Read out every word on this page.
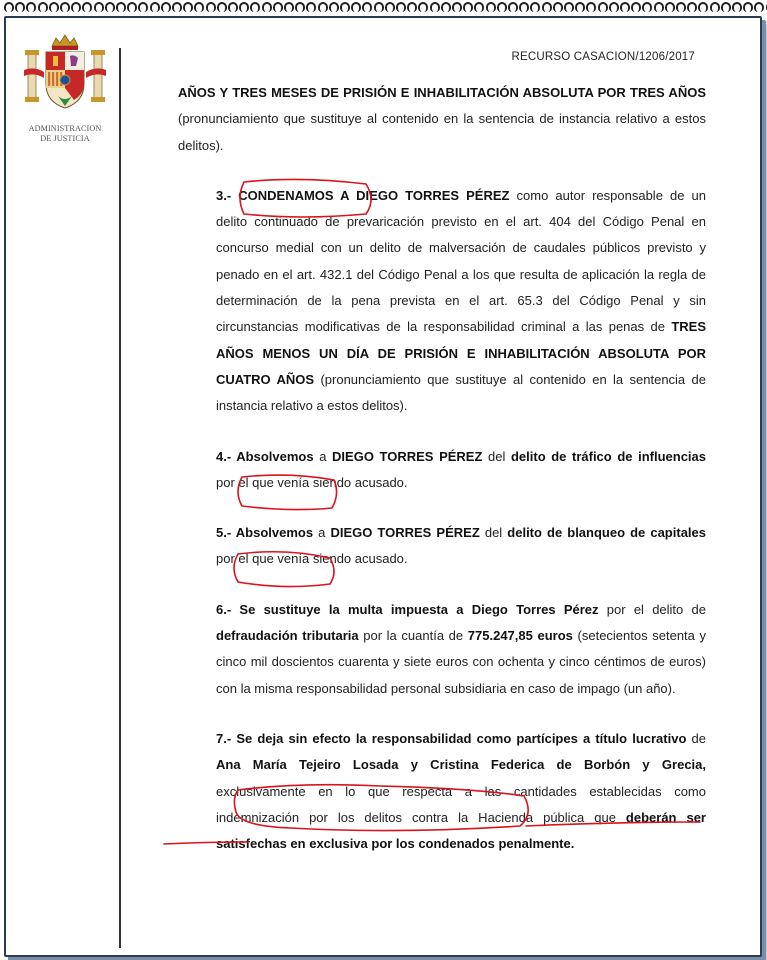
ADMINISTRACION
DE JUSTICIA
RECURSO CASACION/1206/2017

AÑOS Y TRES MESES DE PRISIÓN E INHABILITACIÓN ABSOLUTA POR TRES AÑOS (pronunciamiento que sustituye al contenido en la sentencia de instancia relativo a estos delitos).

3.- CONDENAMOS A DIEGO TORRES PÉREZ como autor responsable de un delito continuado de prevaricación previsto en el art. 404 del Código Penal en concurso medial con un delito de malversación de caudales públicos previsto y penado en el art. 432.1 del Código Penal a los que resulta de aplicación la regla de determinación de la pena prevista en el art. 65.3 del Código Penal y sin circunstancias modificativas de la responsabilidad criminal a las penas de TRES AÑOS MENOS UN DÍA DE PRISIÓN E INHABILITACIÓN ABSOLUTA POR CUATRO AÑOS (pronunciamiento que sustituye al contenido en la sentencia de instancia relativo a estos delitos).

4.- Absolvemos a DIEGO TORRES PÉREZ del delito de tráfico de influencias por el que venía siendo acusado.

5.- Absolvemos a DIEGO TORRES PÉREZ del delito de blanqueo de capitales por el que venía siendo acusado.

6.- Se sustituye la multa impuesta a Diego Torres Pérez por el delito de defraudación tributaria por la cuantía de 775.247,85 euros (setecientos setenta y cinco mil doscientos cuarenta y siete euros con ochenta y cinco céntimos de euros) con la misma responsabilidad personal subsidiaria en caso de impago (un año).

7.- Se deja sin efecto la responsabilidad como partícipes a título lucrativo de Ana María Tejeiro Losada y Cristina Federica de Borbón y Grecia, exclusivamente en lo que respecta a las cantidades establecidas como indemnización por los delitos contra la Hacienda pública que deberán ser satisfechas en exclusiva por los condenados penalmente.
